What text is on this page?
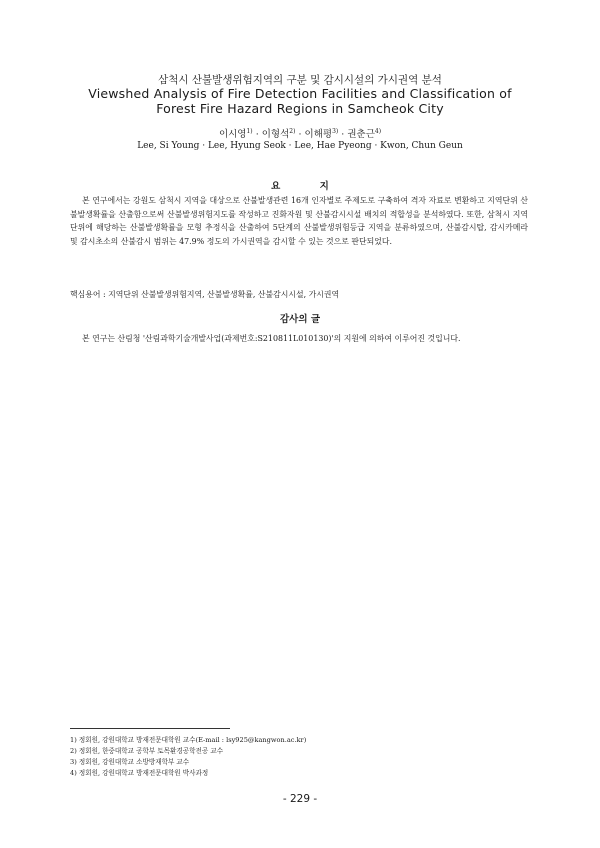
삼척시 산불발생위험지역의 구분 및 감시시설의 가시권역 분석
Viewshed Analysis of Fire Detection Facilities and Classification of
Forest Fire Hazard Regions in Samcheok City
이시영$^{1)}$ · 이형석$^{2)}$ · 이해평$^{3)}$ · 권춘근$^{4)}$
Lee, Si Young · Lee, Hyung Seok · Lee, Hae Pyeong · Kwon, Chun Geun
요 지

본 연구에서는 강원도 삼척시 지역을 대상으로 산불발생관련 16개 인자별로 주제도로 구축하여 격자 자료로 변환하고 지역단위 산불발생확률을 산출함으로써 산불발생위험지도를 작성하고 진화자원 및 산불감시시설 배치의 적합성을 분석하였다. 또한, 삼척시 지역단위에 해당하는 산불발생확률을 모형 추정식을 산출하여 5단계의 산불발생위험등급 지역을 분류하였으며, 산불감시탑, 감시카메라 및 감시초소의 산불감시 범위는 47.9% 정도의 가시권역을 감시할 수 있는 것으로 판단되었다.

핵심용어 : 지역단위 산불발생위험지역, 산불발생확률, 산불감시시설, 가시권역
감사의 글
본 연구는 산림청 '산림과학기술개발사업(과제번호:S210811L010130)'의 지원에 의하여 이루어진 것입니다.
1) 정회원, 강원대학교 방재전문대학원 교수(E-mail : lsy925@kangwon.ac.kr)
2) 정회원, 한중대학교 공학부 토목환경공학전공 교수
3) 정회원, 강원대학교 소방방재학부 교수
4) 정회원, 강원대학교 방재전문대학원 박사과정
- 229 -
